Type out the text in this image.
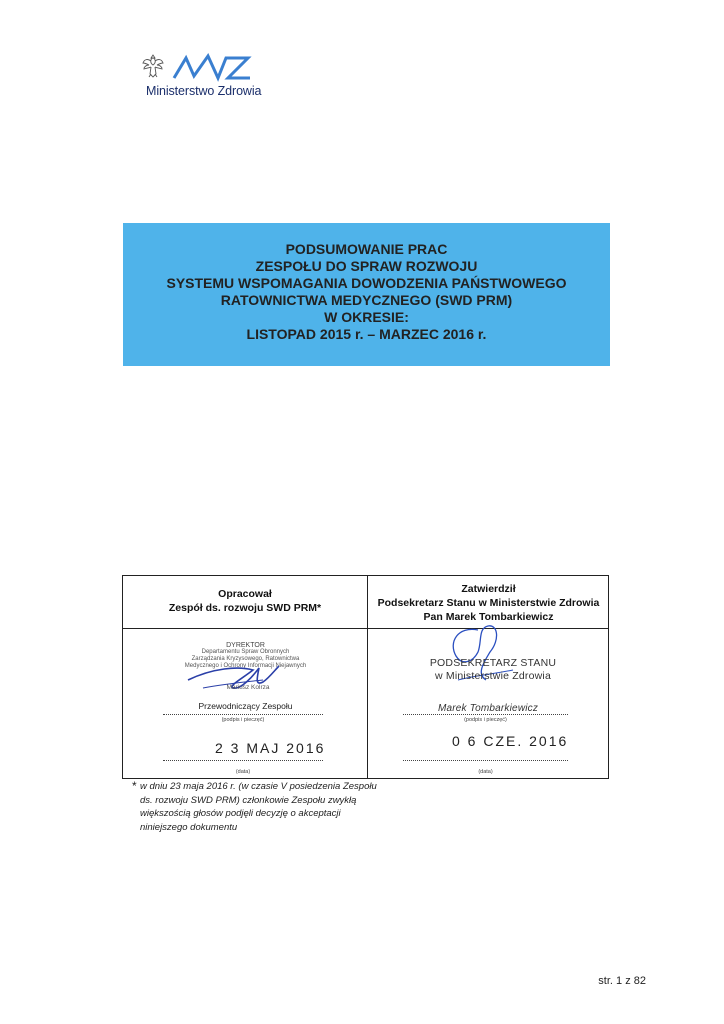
Ministerstwo Zdrowia
PODSUMOWANIE PRAC
ZESPOŁU DO SPRAW ROZWOJU
SYSTEMU WSPOMAGANIA DOWODZENIA PAŃSTWOWEGO
RATOWNICTWA MEDYCZNEGO (SWD PRM)
W OKRESIE:
LISTOPAD 2015 r. – MARZEC 2016 r.
Opracował
Zespół ds. rozwoju SWD PRM*
DYREKTOR
Departamentu Spraw Obronnych
Zarządzania Kryzysowego, Ratownictwa
Medycznego i Ochrony Informacji Niejawnych
Mariusz Kolrza
Przewodniczący Zespołu
(podpis i pieczęć)
2 3 MAJ 2016
(data)
Zatwierdził
Podsekretarz Stanu w Ministerstwie Zdrowia
Pan Marek Tombarkiewicz
PODSEKRETARZ STANU
w Ministerstwie Zdrowia
Marek Tombarkiewicz
(podpis i pieczęć)
0 6 CZE. 2016
(data)
* w dniu 23 maja 2016 r. (w czasie V posiedzenia Zespołu ds. rozwoju SWD PRM) członkowie Zespołu zwykłą większością głosów podjęli decyzję o akceptacji niniejszego dokumentu
str. 1 z 82
